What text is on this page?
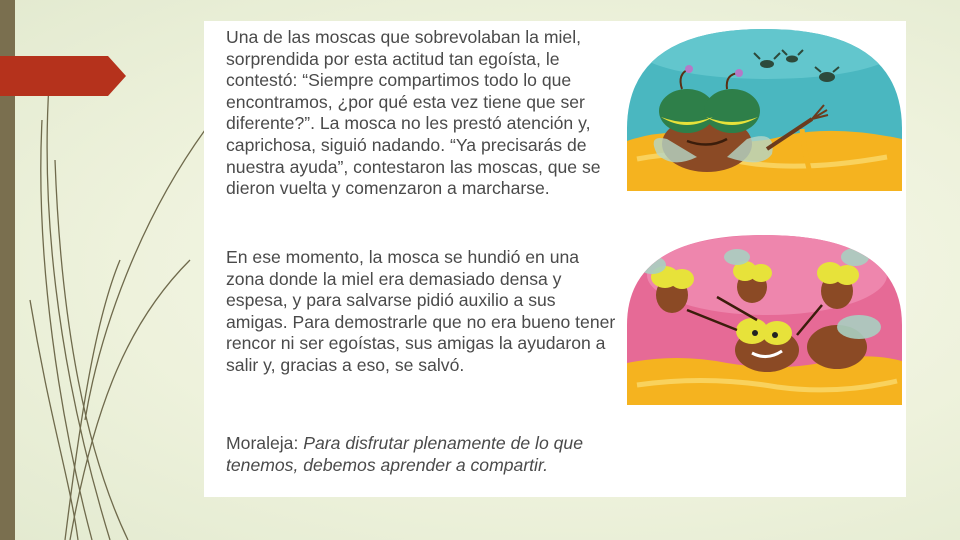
Una de las moscas que sobrevolaban la miel, sorprendida por esta actitud tan egoísta, le contestó: “Siempre compartimos todo lo que encontramos, ¿por qué esta vez tiene que ser diferente?”. La mosca no les prestó atención y, caprichosa, siguió nadando. “Ya precisarás de nuestra ayuda”, contestaron las moscas, que se dieron vuelta y comenzaron a marcharse.

En ese momento, la mosca se hundió en una zona donde la miel era demasiado densa y espesa, y para salvarse pidió auxilio a sus amigas. Para demostrarle que no era bueno tener rencor ni ser egoístas, sus amigas la ayudaron a salir y, gracias a eso, se salvó.

Moraleja: Para disfrutar plenamente de lo que tenemos, debemos aprender a compartir.
